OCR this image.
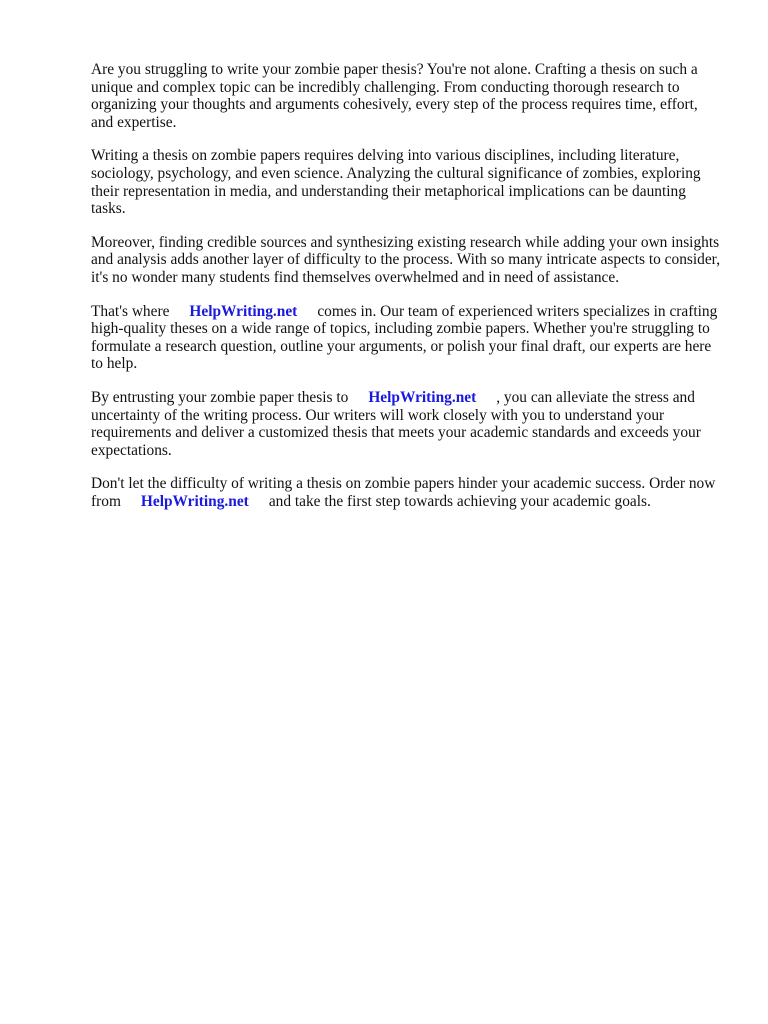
Are you struggling to write your zombie paper thesis? You're not alone. Crafting a thesis on such a unique and complex topic can be incredibly challenging. From conducting thorough research to organizing your thoughts and arguments cohesively, every step of the process requires time, effort, and expertise.

Writing a thesis on zombie papers requires delving into various disciplines, including literature, sociology, psychology, and even science. Analyzing the cultural significance of zombies, exploring their representation in media, and understanding their metaphorical implications can be daunting tasks.

Moreover, finding credible sources and synthesizing existing research while adding your own insights and analysis adds another layer of difficulty to the process. With so many intricate aspects to consider, it's no wonder many students find themselves overwhelmed and in need of assistance.

That's where HelpWriting.net comes in. Our team of experienced writers specializes in crafting high-quality theses on a wide range of topics, including zombie papers. Whether you're struggling to formulate a research question, outline your arguments, or polish your final draft, our experts are here to help.

By entrusting your zombie paper thesis to HelpWriting.net , you can alleviate the stress and uncertainty of the writing process. Our writers will work closely with you to understand your requirements and deliver a customized thesis that meets your academic standards and exceeds your expectations.

Don't let the difficulty of writing a thesis on zombie papers hinder your academic success. Order now from HelpWriting.net and take the first step towards achieving your academic goals.
